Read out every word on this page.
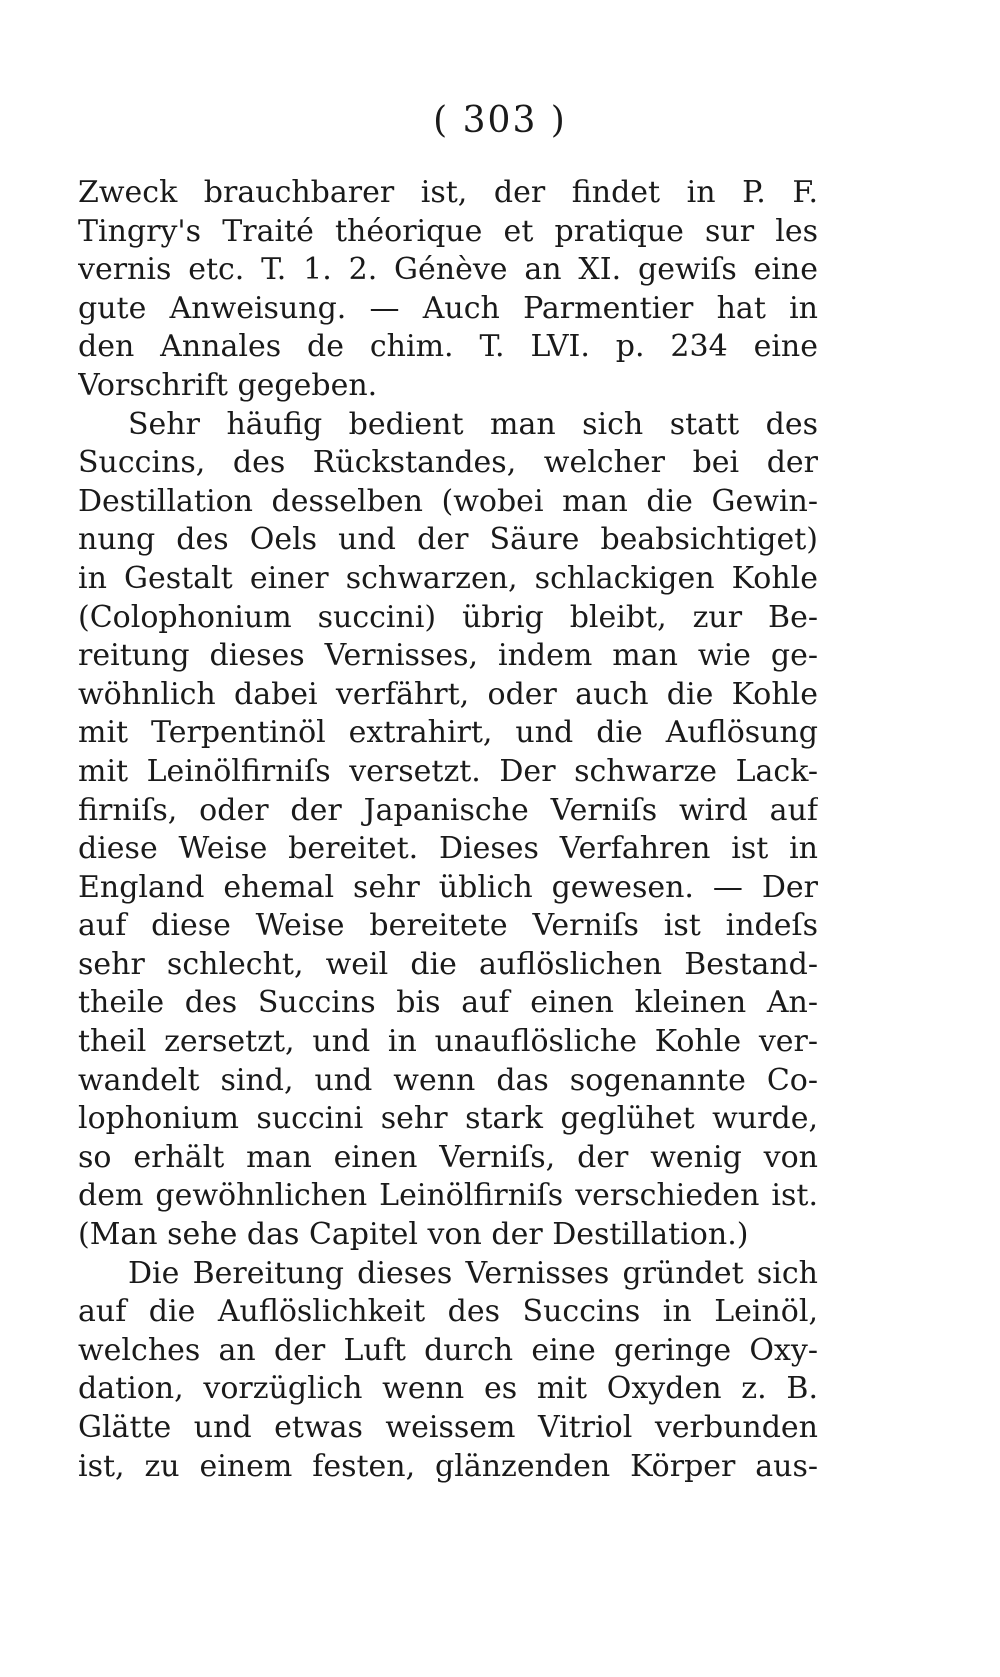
( 303 )
Zweck brauchbarer ist, der findet in P. F.
Tingry's Traité théorique et pratique sur les
vernis etc. T. 1. 2. Génève an XI. gewiſs eine
gute Anweisung. — Auch Parmentier hat in
den Annales de chim. T. LVI. p. 234 eine
Vorschrift gegeben.
Sehr häufig bedient man sich statt des
Succins, des Rückstandes, welcher bei der
Destillation desselben (wobei man die Gewin-
nung des Oels und der Säure beabsichtiget)
in Gestalt einer schwarzen, schlackigen Kohle
(Colophonium succini) übrig bleibt, zur Be-
reitung dieses Vernisses, indem man wie ge-
wöhnlich dabei verfährt, oder auch die Kohle
mit Terpentinöl extrahirt, und die Auflösung
mit Leinölfirniſs versetzt. Der schwarze Lack-
firniſs, oder der Japanische Verniſs wird auf
diese Weise bereitet. Dieses Verfahren ist in
England ehemal sehr üblich gewesen. — Der
auf diese Weise bereitete Verniſs ist indeſs
sehr schlecht, weil die auflöslichen Bestand-
theile des Succins bis auf einen kleinen An-
theil zersetzt, und in unauflösliche Kohle ver-
wandelt sind, und wenn das sogenannte Co-
lophonium succini sehr stark geglühet wurde,
so erhält man einen Verniſs, der wenig von
dem gewöhnlichen Leinölfirniſs verschieden ist.
(Man sehe das Capitel von der Destillation.)
Die Bereitung dieses Vernisses gründet sich
auf die Auflöslichkeit des Succins in Leinöl,
welches an der Luft durch eine geringe Oxy-
dation, vorzüglich wenn es mit Oxyden z. B.
Glätte und etwas weissem Vitriol verbunden
ist, zu einem festen, glänzenden Körper aus-
